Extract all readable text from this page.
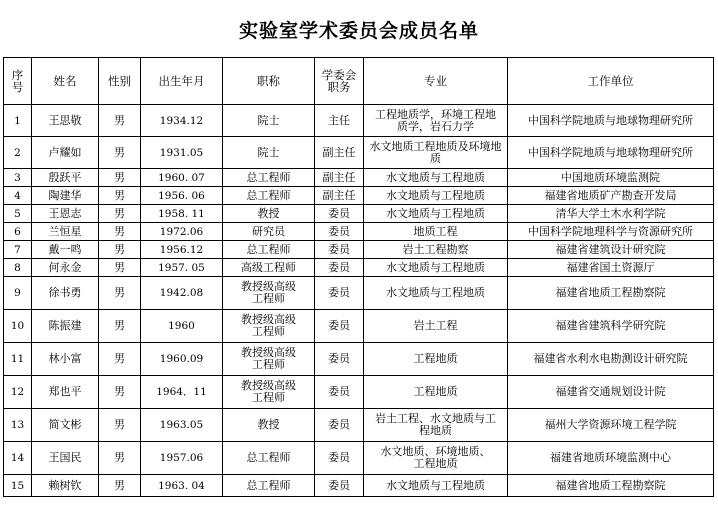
实验室学术委员会成员名单
序号	姓名	性别	出生年月	职称	学委会职务	专业	工作单位
1	王思敬	男	1934.12	院士	主任	工程地质学，环境工程地质学，岩石力学	中国科学院地质与地球物理研究所
2	卢耀如	男	1931.05	院士	副主任	水文地质工程地质及环境地质	中国科学院地质与地球物理研究所
3	殷跃平	男	1960. 07	总工程师	副主任	水文地质与工程地质	中国地质环境监测院
4	陶建华	男	1956. 06	总工程师	副主任	水文地质与工程地质	福建省地质矿产勘查开发局
5	王恩志	男	1958. 11	教授	委员	水文地质与工程地质	清华大学土木水利学院
6	兰恒星	男	1972.06	研究员	委员	地质工程	中国科学院地理科学与资源研究所
7	戴一鸣	男	1956.12	总工程师	委员	岩土工程勘察	福建省建筑设计研究院
8	何永金	男	1957. 05	高级工程师	委员	水文地质与工程地质	福建省国土资源厅
9	徐书勇	男	1942.08	教授级高级工程师	委员	水文地质与工程地质	福建省地质工程勘察院
10	陈振建	男	1960	教授级高级工程师	委员	岩土工程	福建省建筑科学研究院
11	林小富	男	1960.09	教授级高级工程师	委员	工程地质	福建省水利水电勘测设计研究院
12	郑也平	男	1964．11	教授级高级工程师	委员	工程地质	福建省交通规划设计院
13	简文彬	男	1963.05	教授	委员	岩土工程、水文地质与工程地质	福州大学资源环境工程学院
14	王国民	男	1957.06	总工程师	委员	水文地质、环境地质、工程地质	福建省地质环境监测中心
15	赖树钦	男	1963. 04	总工程师	委员	水文地质与工程地质	福建省地质工程勘察院
